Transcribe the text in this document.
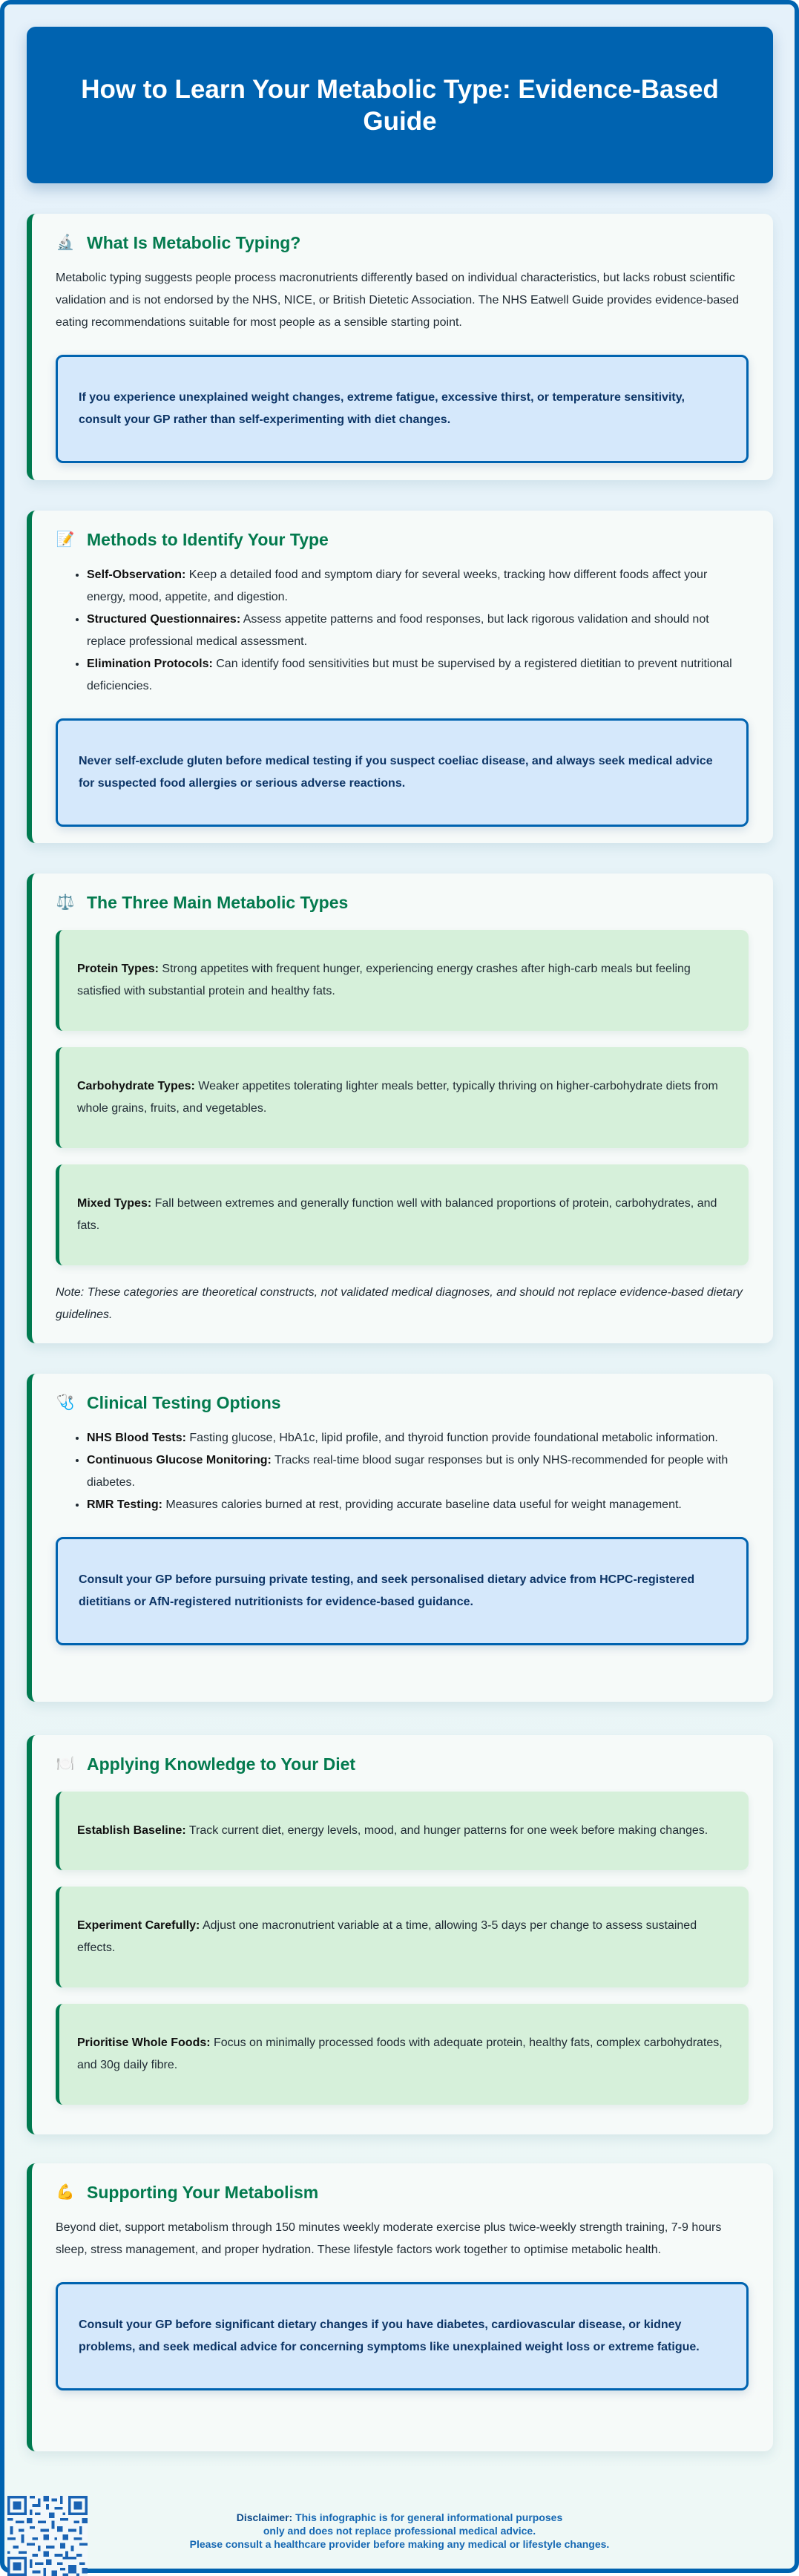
How to Learn Your Metabolic Type: Evidence-Based Guide
🔬 What Is Metabolic Typing?

Metabolic typing suggests people process macronutrients differently based on individual characteristics, but lacks robust scientific validation and is not endorsed by the NHS, NICE, or British Dietetic Association. The NHS Eatwell Guide provides evidence-based eating recommendations suitable for most people as a sensible starting point.

If you experience unexplained weight changes, extreme fatigue, excessive thirst, or temperature sensitivity, consult your GP rather than self-experimenting with diet changes.
📝 Methods to Identify Your Type
• Self-Observation: Keep a detailed food and symptom diary for several weeks, tracking how different foods affect your energy, mood, appetite, and digestion.
• Structured Questionnaires: Assess appetite patterns and food responses, but lack rigorous validation and should not replace professional medical assessment.
• Elimination Protocols: Can identify food sensitivities but must be supervised by a registered dietitian to prevent nutritional deficiencies.
Never self-exclude gluten before medical testing if you suspect coeliac disease, and always seek medical advice for suspected food allergies or serious adverse reactions.
⚖️ The Three Main Metabolic Types
Protein Types: Strong appetites with frequent hunger, experiencing energy crashes after high-carb meals but feeling satisfied with substantial protein and healthy fats.
Carbohydrate Types: Weaker appetites tolerating lighter meals better, typically thriving on higher-carbohydrate diets from whole grains, fruits, and vegetables.
Mixed Types: Fall between extremes and generally function well with balanced proportions of protein, carbohydrates, and fats.

Note: These categories are theoretical constructs, not validated medical diagnoses, and should not replace evidence-based dietary guidelines.

🩺 Clinical Testing Options
• NHS Blood Tests: Fasting glucose, HbA1c, lipid profile, and thyroid function provide foundational metabolic information.
• Continuous Glucose Monitoring: Tracks real-time blood sugar responses but is only NHS-recommended for people with diabetes.
• RMR Testing: Measures calories burned at rest, providing accurate baseline data useful for weight management.
Consult your GP before pursuing private testing, and seek personalised dietary advice from HCPC-registered dietitians or AfN-registered nutritionists for evidence-based guidance.
🍽️ Applying Knowledge to Your Diet
Establish Baseline: Track current diet, energy levels, mood, and hunger patterns for one week before making changes.
Experiment Carefully: Adjust one macronutrient variable at a time, allowing 3-5 days per change to assess sustained effects.
Prioritise Whole Foods: Focus on minimally processed foods with adequate protein, healthy fats, complex carbohydrates, and 30g daily fibre.
💪 Supporting Your Metabolism

Beyond diet, support metabolism through 150 minutes weekly moderate exercise plus twice-weekly strength training, 7-9 hours sleep, stress management, and proper hydration. These lifestyle factors work together to optimise metabolic health.

Consult your GP before significant dietary changes if you have diabetes, cardiovascular disease, or kidney problems, and seek medical advice for concerning symptoms like unexplained weight loss or extreme fatigue.
Disclaimer: This infographic is for general informational purposes
only and does not replace professional medical advice.
Please consult a healthcare provider before making any medical or lifestyle changes.
